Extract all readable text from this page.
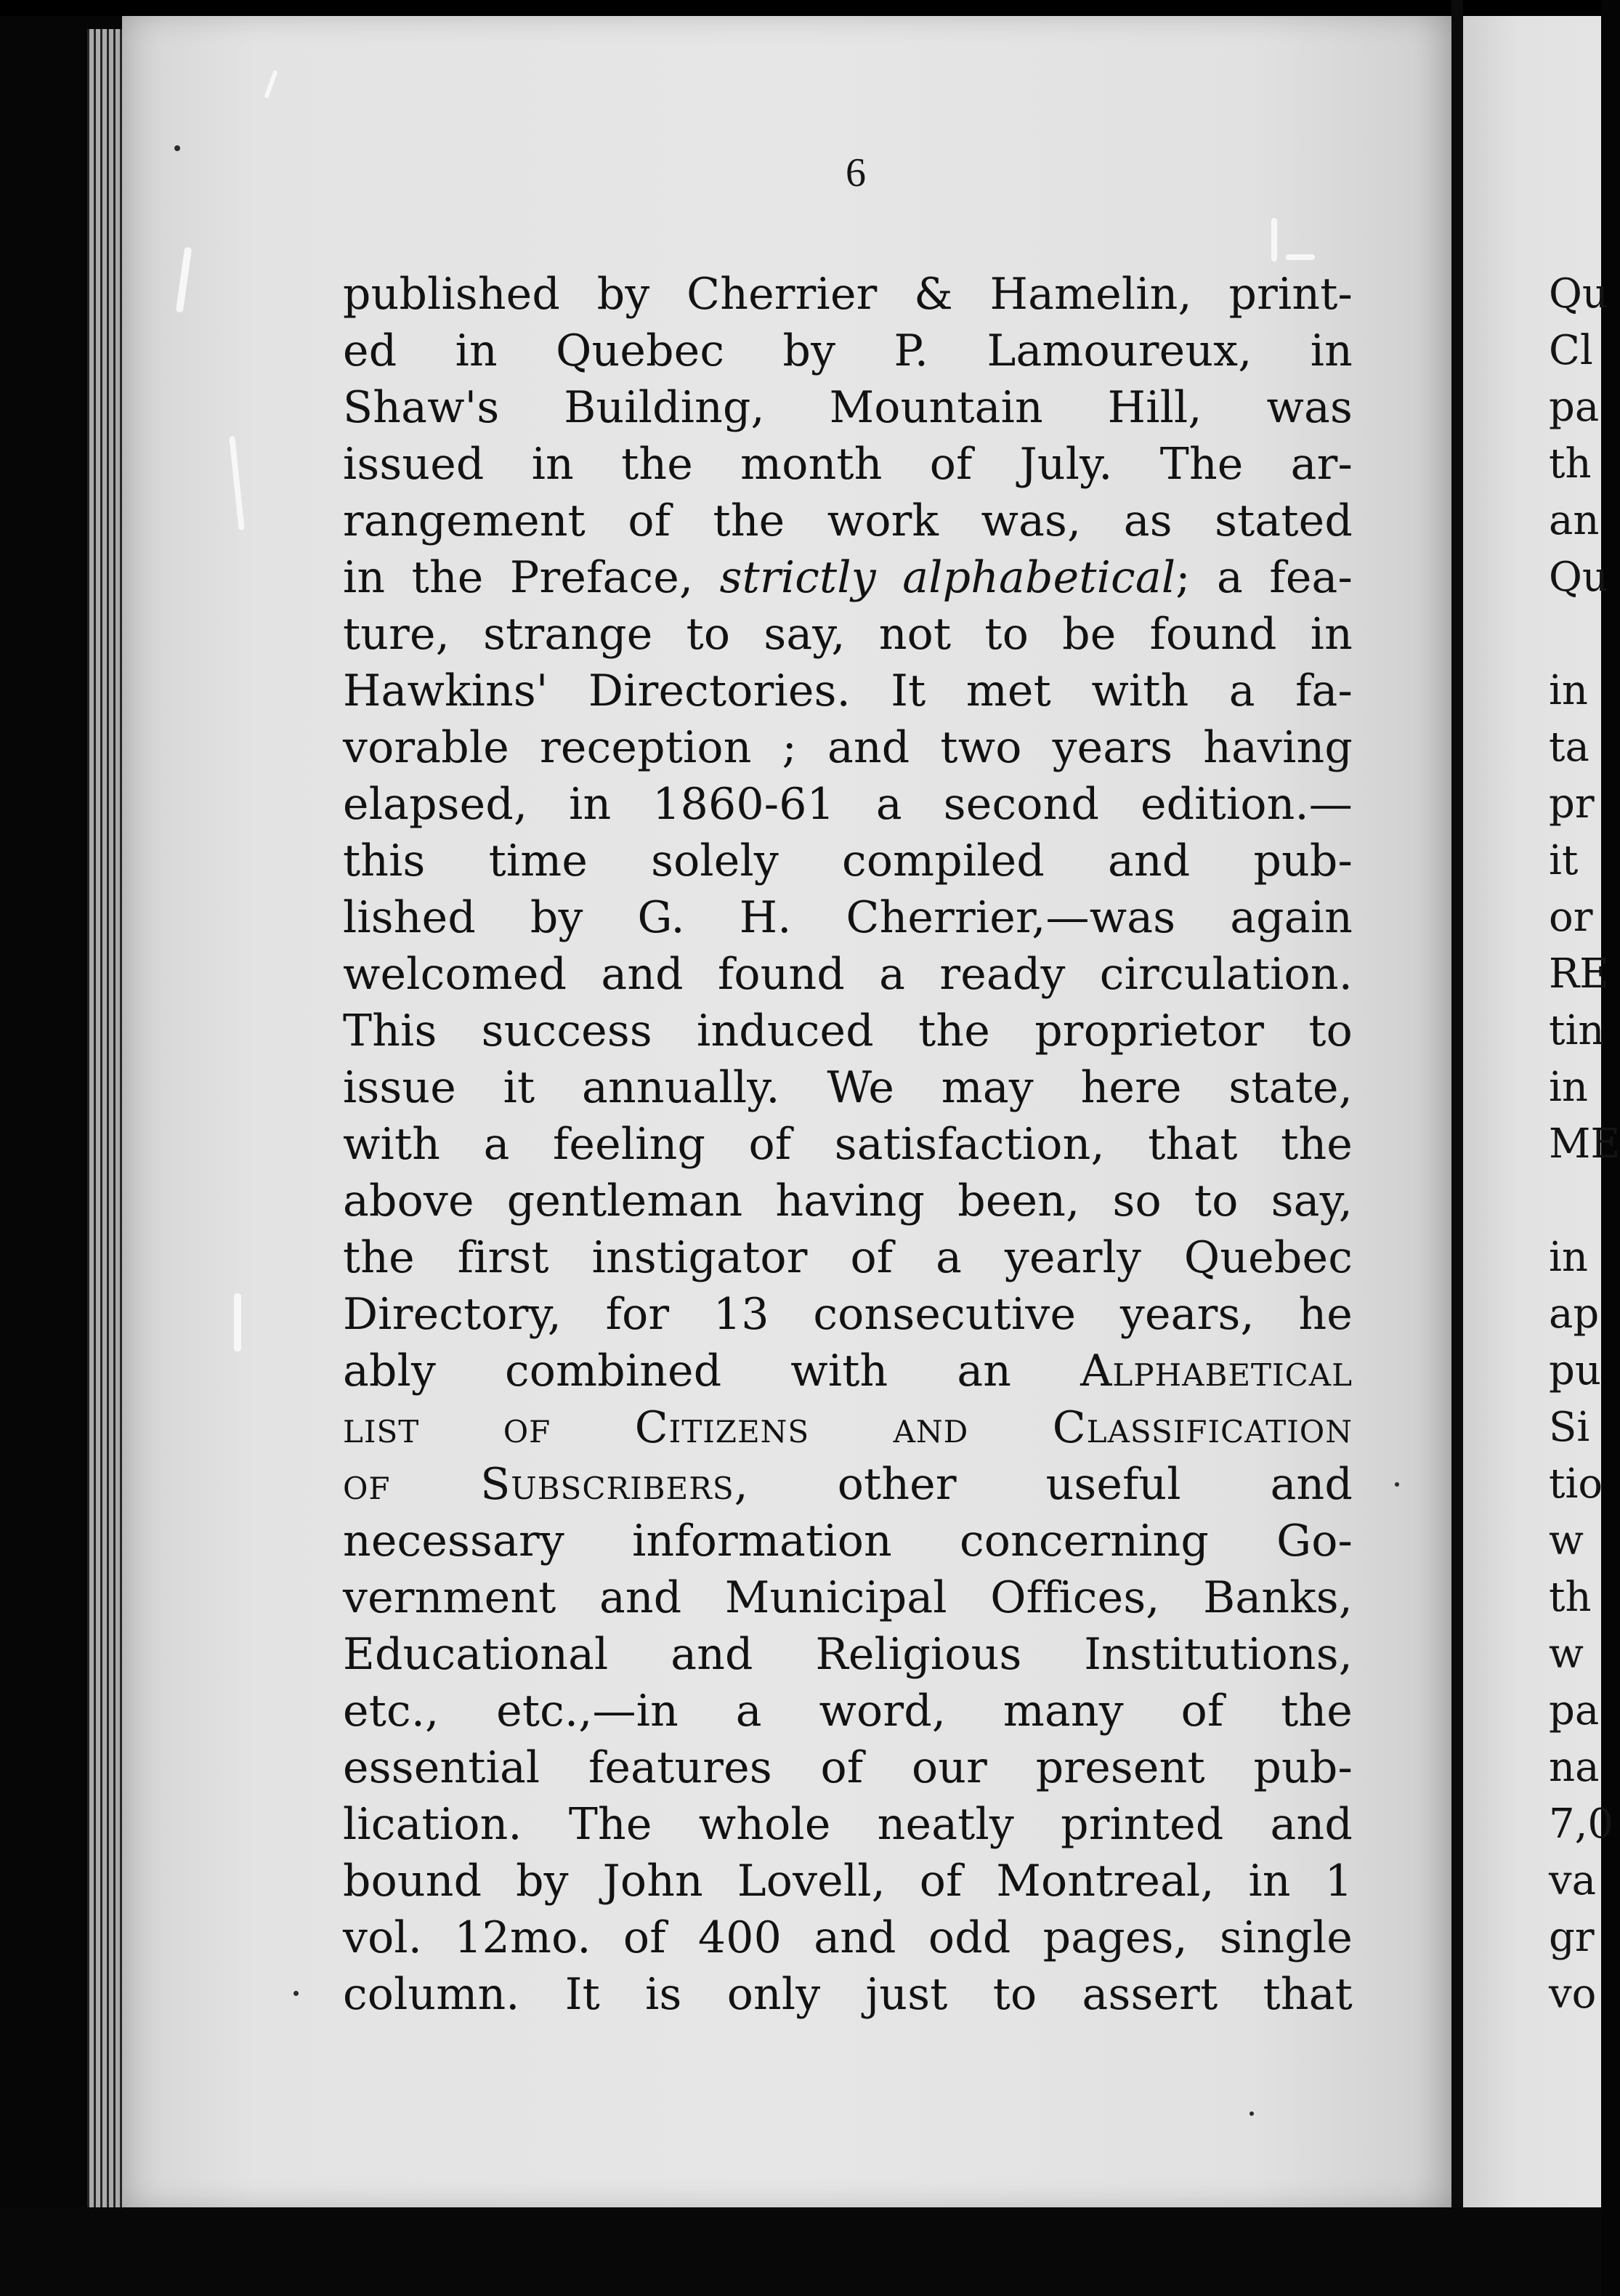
6

published by Cherrier & Hamelin, print-
ed in Quebec by P. Lamoureux, in
Shaw's Building, Mountain Hill, was
issued in the month of July. The ar-
rangement of the work was, as stated
in the Preface, strictly alphabetical; a fea-
ture, strange to say, not to be found in
Hawkins' Directories. It met with a fa-
vorable reception ; and two years having
elapsed, in 1860-61 a second edition.—
this time solely compiled and pub-
lished by G. H. Cherrier,—was again
welcomed and found a ready circulation.
This success induced the proprietor to
issue it annually. We may here state,
with a feeling of satisfaction, that the
above gentleman having been, so to say,
the first instigator of a yearly Quebec
Directory, for 13 consecutive years, he
ably combined with an Alphabetical
list of Citizens and Classification
of Subscribers, other useful and
necessary information concerning Go-
vernment and Municipal Offices, Banks,
Educational and Religious Institutions,
etc., etc.,—in a word, many of the
essential features of our present pub-
lication. The whole neatly printed and
bound by John Lovell, of Montreal, in 1
vol. 12mo. of 400 and odd pages, single
column. It is only just to assert that
Qu
Cl
pa
th
an
Qu
in
ta
pr
it
or
RE
tin
in
ME
in
ap
pu
Si
tio
w
th
w
pa
na
7,0
va
gr
vo
